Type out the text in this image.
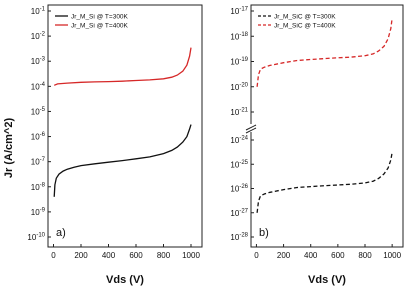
Jr (A/cm^2)
$10^{-10}$
$10^{-9}$
$10^{-8}$
$10^{-7}$
$10^{-6}$
$10^{-5}$
$10^{-4}$
$10^{-3}$
$10^{-2}$
$10^{-1}$
0 200 400 600 800 1000
Jr_M_Si @ T=300K
Jr_M_Si @ T=400K
a)
$10^{-21}$
$10^{-20}$
$10^{-19}$
$10^{-18}$
$10^{-17}$
$10^{-28}$
$10^{-27}$
$10^{-26}$
$10^{-25}$
$10^{-24}$
0 200 400 600 800 1000
Jr_M_SiC @ T=300K
Jr_M_SiC @ T=400K
b)
Vds (V)	Vds (V)
